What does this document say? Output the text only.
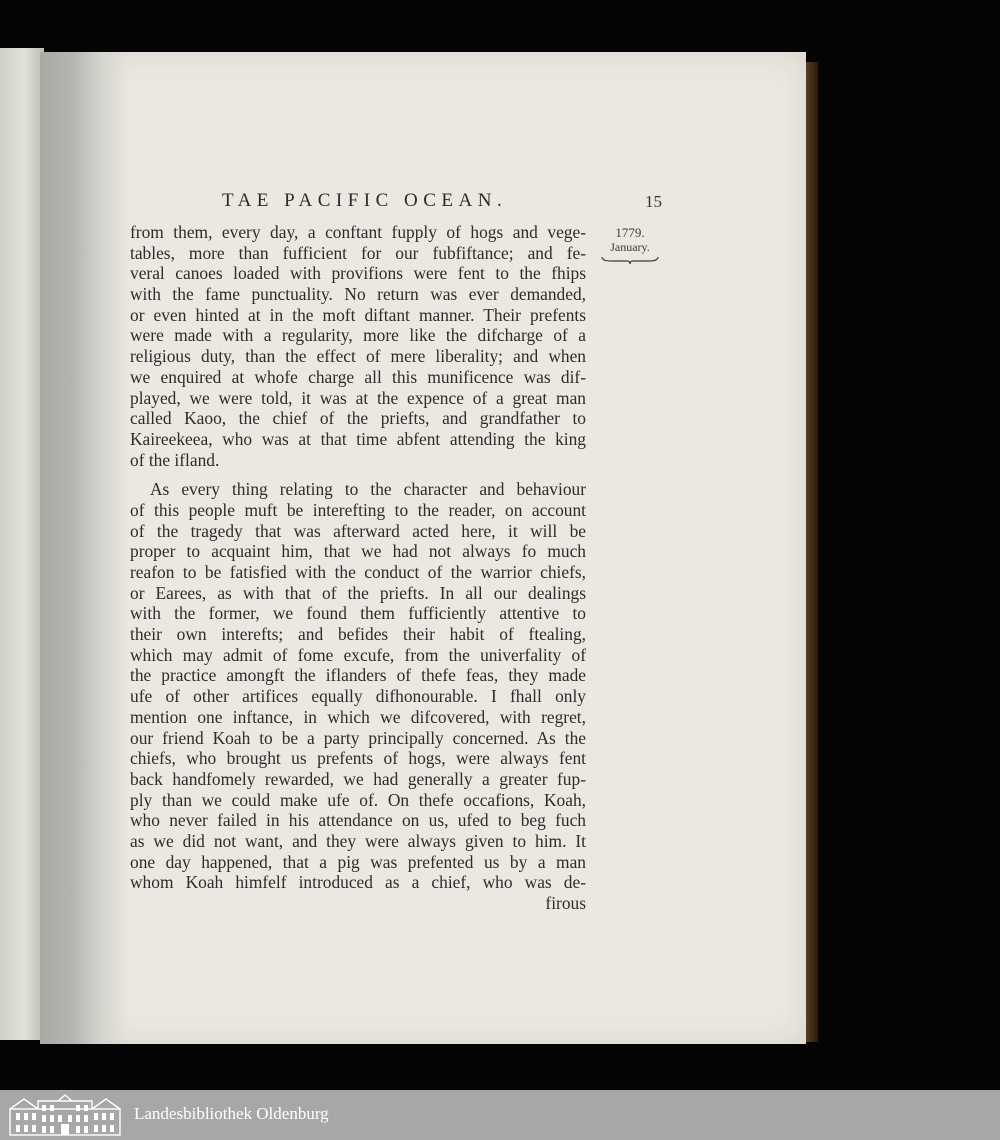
TAE PACIFIC OCEAN.	15
1779.
January.
from them, every day, a conftant fupply of hogs and vege-
tables, more than fufficient for our fubfiftance; and fe-
veral canoes loaded with provifions were fent to the fhips
with the fame punctuality. No return was ever demanded,
or even hinted at in the moft diftant manner. Their prefents
were made with a regularity, more like the difcharge of a
religious duty, than the effect of mere liberality; and when
we enquired at whofe charge all this munificence was dif-
played, we were told, it was at the expence of a great man
called Kaoo, the chief of the priefts, and grandfather to
Kaireekeea, who was at that time abfent attending the king
of the ifland.
As every thing relating to the character and behaviour
of this people muft be interefting to the reader, on account
of the tragedy that was afterward acted here, it will be
proper to acquaint him, that we had not always fo much
reafon to be fatisfied with the conduct of the warrior chiefs,
or Earees, as with that of the priefts. In all our dealings
with the former, we found them fufficiently attentive to
their own interefts; and befides their habit of ftealing,
which may admit of fome excufe, from the univerfality of
the practice amongft the iflanders of thefe feas, they made
ufe of other artifices equally difhonourable. I fhall only
mention one inftance, in which we difcovered, with regret,
our friend Koah to be a party principally concerned. As the
chiefs, who brought us prefents of hogs, were always fent
back handfomely rewarded, we had generally a greater fup-
ply than we could make ufe of. On thefe occafions, Koah,
who never failed in his attendance on us, ufed to beg fuch
as we did not want, and they were always given to him. It
one day happened, that a pig was prefented us by a man
whom Koah himfelf introduced as a chief, who was de-
firous
Landesbibliothek Oldenburg
